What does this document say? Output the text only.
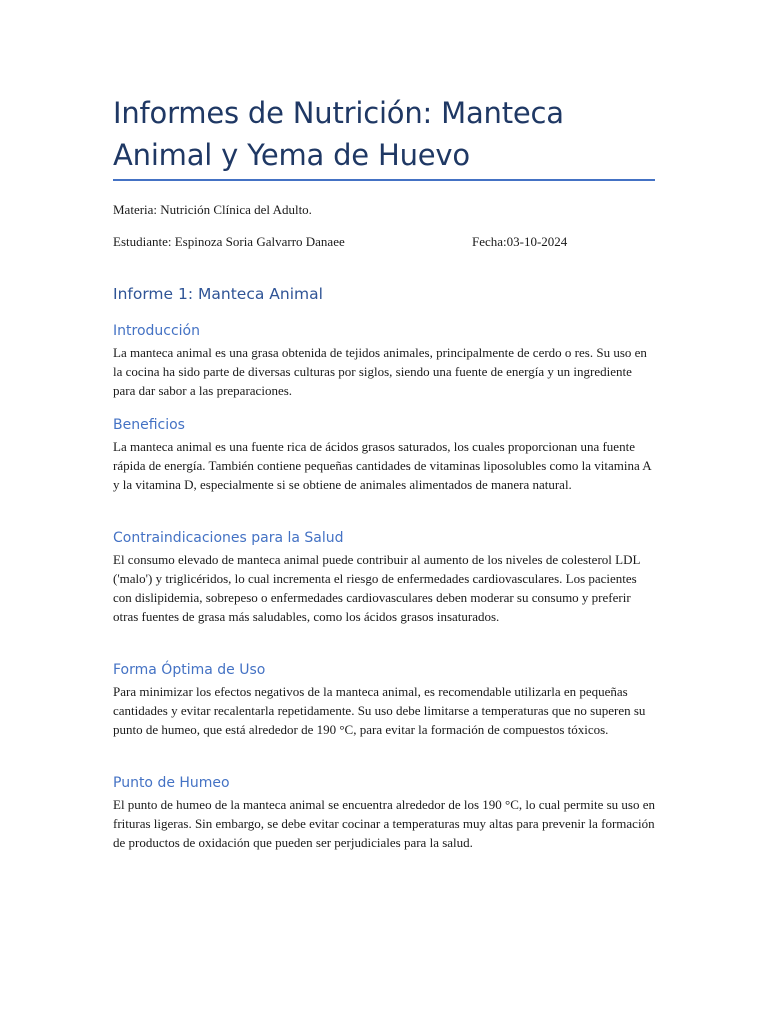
Informes de Nutrición: Manteca Animal y Yema de Huevo
Materia: Nutrición Clínica del Adulto.
Estudiante: Espinoza Soria Galvarro Danaee	Fecha:03-10-2024
Informe 1: Manteca Animal
Introducción

La manteca animal es una grasa obtenida de tejidos animales, principalmente de cerdo o res. Su uso en la cocina ha sido parte de diversas culturas por siglos, siendo una fuente de energía y un ingrediente para dar sabor a las preparaciones.

Beneficios

La manteca animal es una fuente rica de ácidos grasos saturados, los cuales proporcionan una fuente rápida de energía. También contiene pequeñas cantidades de vitaminas liposolubles como la vitamina A y la vitamina D, especialmente si se obtiene de animales alimentados de manera natural.

Contraindicaciones para la Salud

El consumo elevado de manteca animal puede contribuir al aumento de los niveles de colesterol LDL ('malo') y triglicéridos, lo cual incrementa el riesgo de enfermedades cardiovasculares. Los pacientes con dislipidemia, sobrepeso o enfermedades cardiovasculares deben moderar su consumo y preferir otras fuentes de grasa más saludables, como los ácidos grasos insaturados.

Forma Óptima de Uso

Para minimizar los efectos negativos de la manteca animal, es recomendable utilizarla en pequeñas cantidades y evitar recalentarla repetidamente. Su uso debe limitarse a temperaturas que no superen su punto de humeo, que está alrededor de 190 °C, para evitar la formación de compuestos tóxicos.

Punto de Humeo

El punto de humeo de la manteca animal se encuentra alrededor de los 190 °C, lo cual permite su uso en frituras ligeras. Sin embargo, se debe evitar cocinar a temperaturas muy altas para prevenir la formación de productos de oxidación que pueden ser perjudiciales para la salud.
